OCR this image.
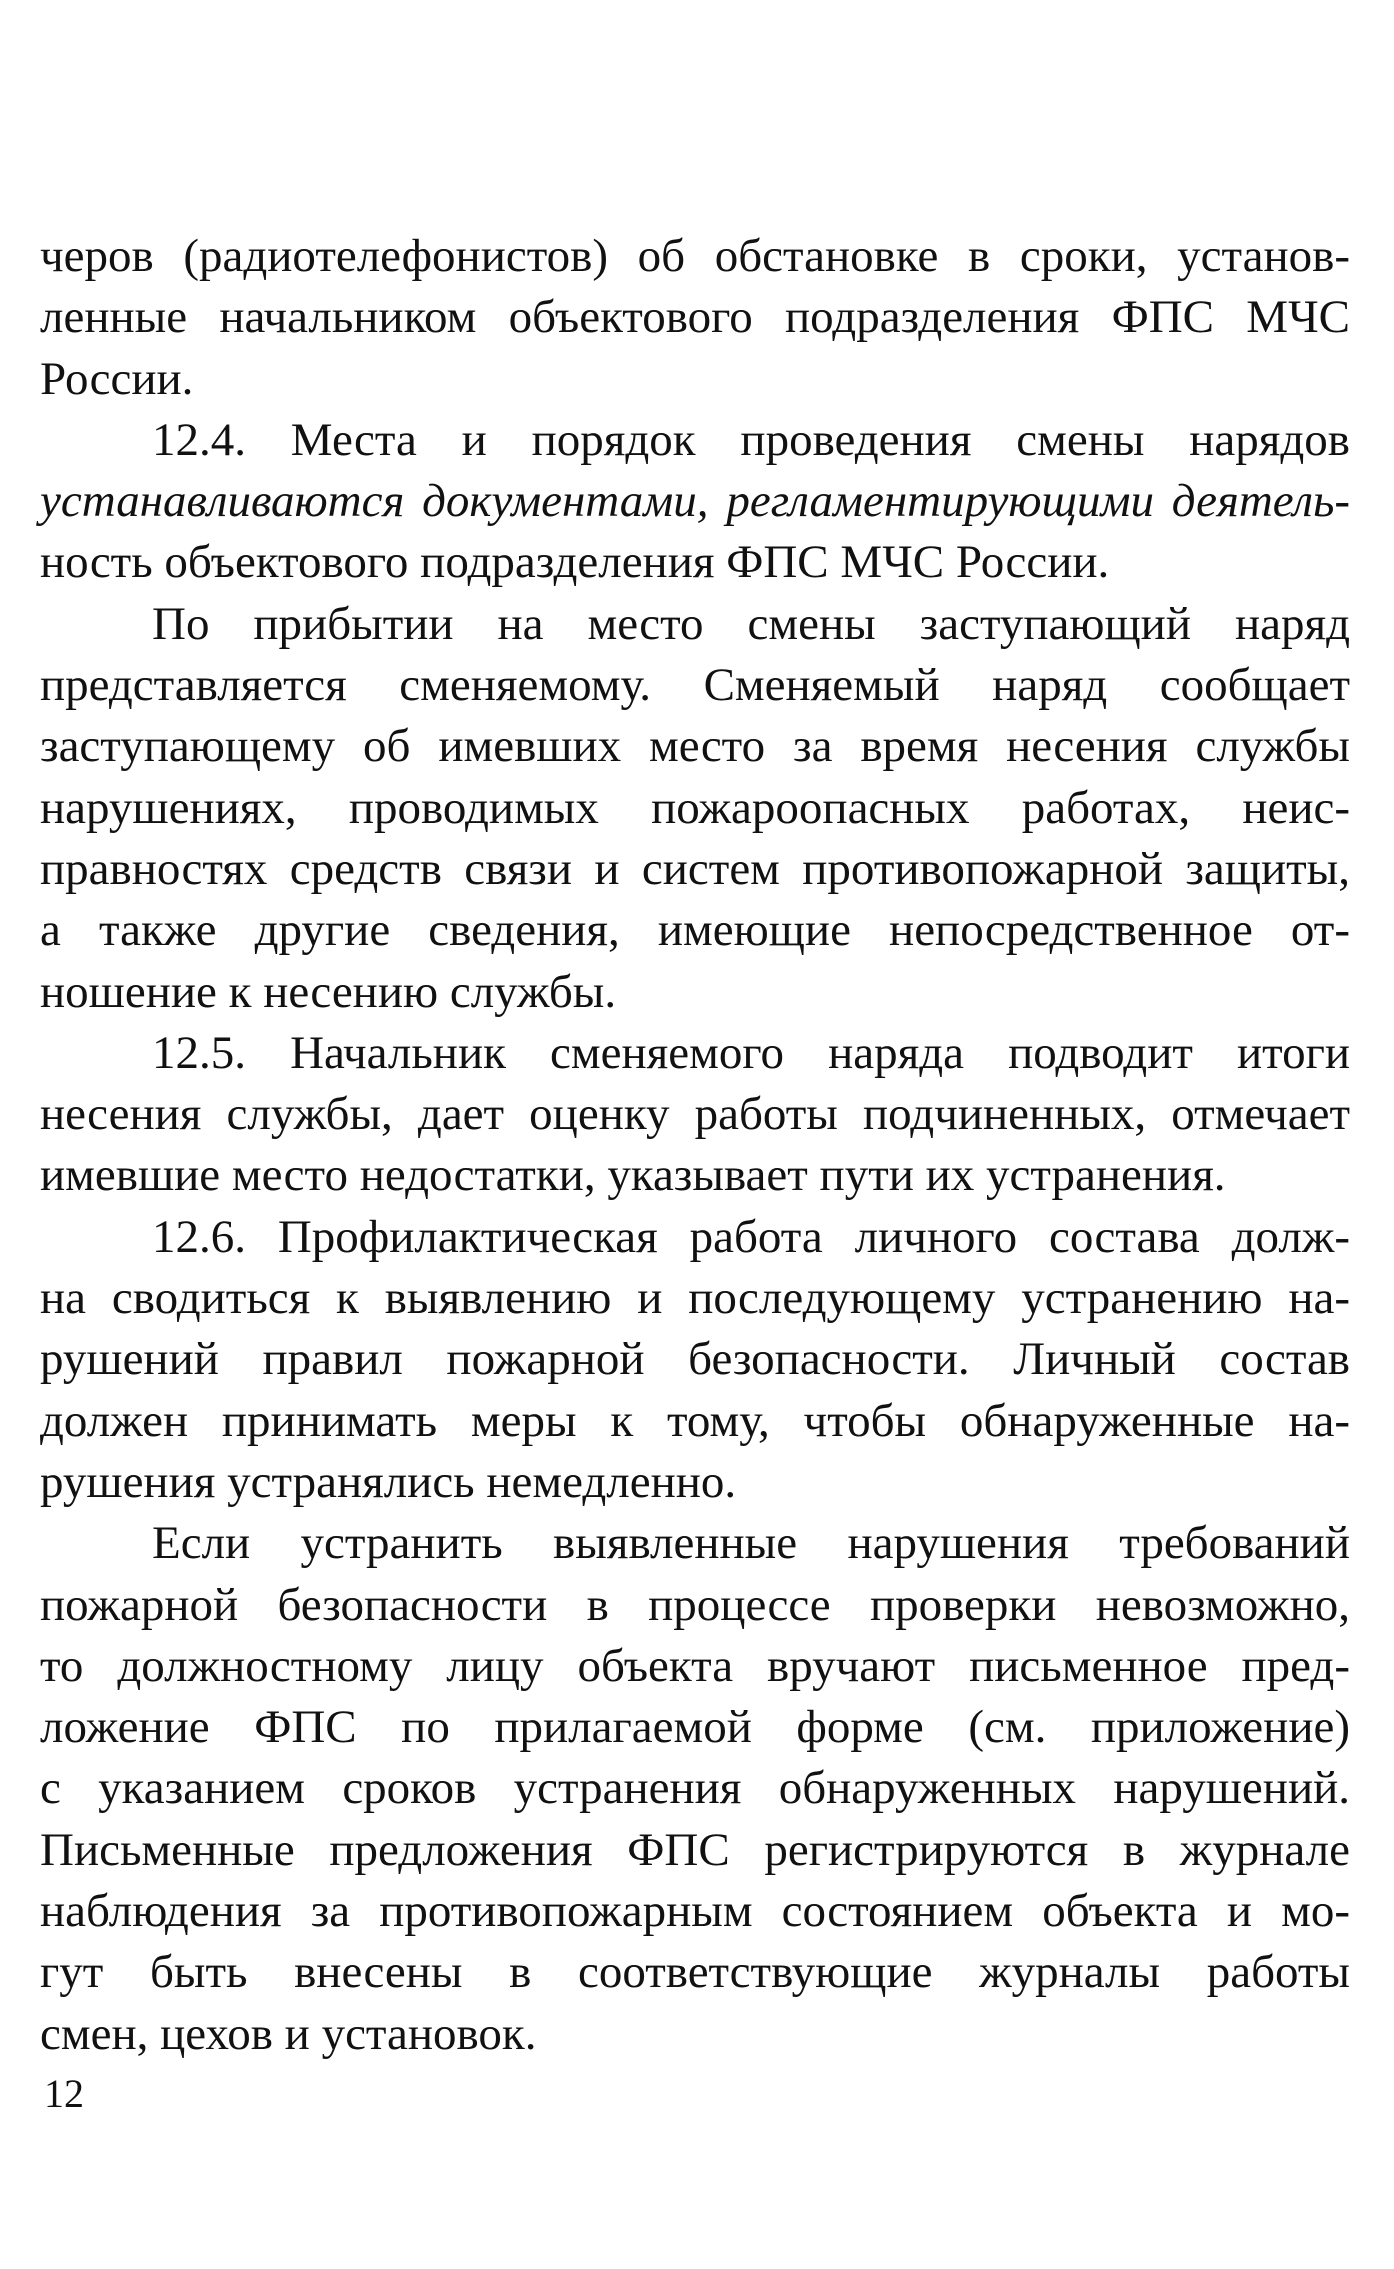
черов (радиотелефонистов) об обстановке в сроки, установ-
ленные начальником объектового подразделения ФПС МЧС
России.

12.4. Места и порядок проведения смены нарядов
устанавливаются документами, регламентирующими деятель-
ность объектового подразделения ФПС МЧС России.

По прибытии на место смены заступающий наряд
представляется сменяемому. Сменяемый наряд сообщает
заступающему об имевших место за время несения службы
нарушениях, проводимых пожароопасных работах, неис-
правностях средств связи и систем противопожарной защиты,
а также другие сведения, имеющие непосредственное от-
ношение к несению службы.

12.5. Начальник сменяемого наряда подводит итоги
несения службы, дает оценку работы подчиненных, отмечает
имевшие место недостатки, указывает пути их устранения.

12.6. Профилактическая работа личного состава долж-
на сводиться к выявлению и последующему устранению на-
рушений правил пожарной безопасности. Личный состав
должен принимать меры к тому, чтобы обнаруженные на-
рушения устранялись немедленно.

Если устранить выявленные нарушения требований
пожарной безопасности в процессе проверки невозможно,
то должностному лицу объекта вручают письменное пред-
ложение ФПС по прилагаемой форме (см. приложение)
с указанием сроков устранения обнаруженных нарушений.
Письменные предложения ФПС регистрируются в журнале
наблюдения за противопожарным состоянием объекта и мо-
гут быть внесены в соответствующие журналы работы
смен, цехов и установок.

12
